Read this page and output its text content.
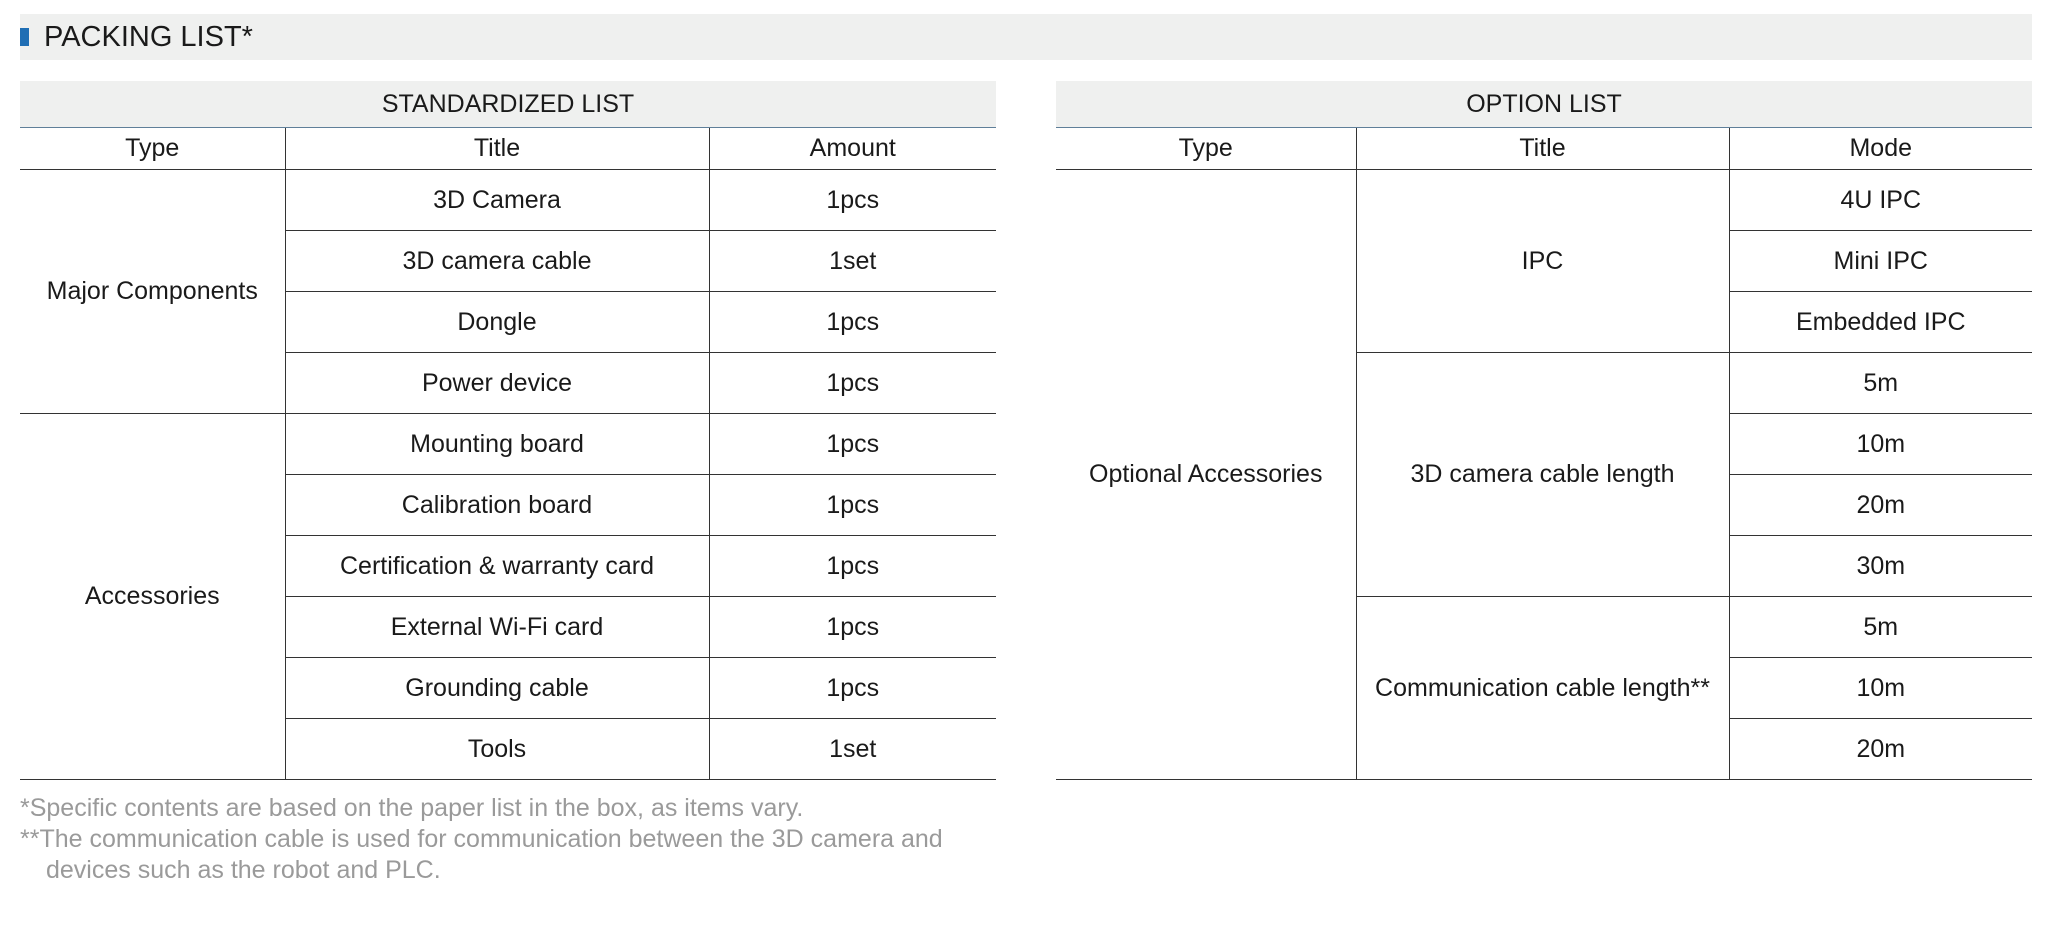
PACKING LIST*
STANDARDIZED LIST		
Type	Title	Amount
Major Components	3D Camera	1pcs
	3D camera cable	1set
	Dongle	1pcs
	Power device	1pcs
Accessories	Mounting board	1pcs
	Calibration board	1pcs
	Certification & warranty card	1pcs
	External Wi-Fi card	1pcs
	Grounding cable	1pcs
	Tools	1set
OPTION LIST		
Type	Title	Mode
Optional Accessories	IPC	4U IPC
		Mini IPC
		Embedded IPC
	3D camera cable length	5m
		10m
		20m
		30m
	Communication cable length**	5m
		10m
		20m
*Specific contents are based on the paper list in the box, as items vary.
**The communication cable is used for communication between the 3D camera and
devices such as the robot and PLC.
